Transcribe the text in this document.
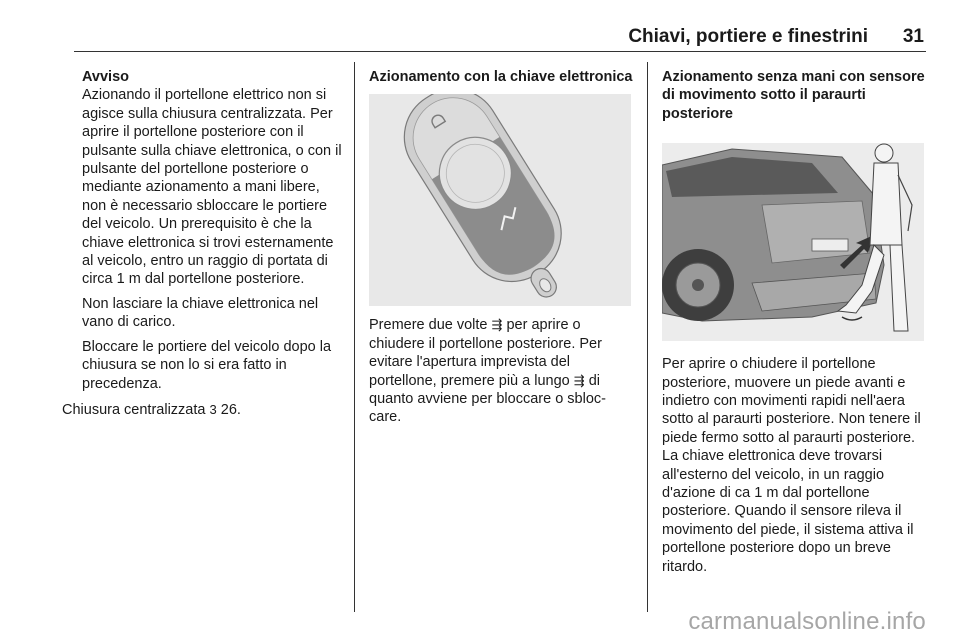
Chiavi, portiere e finestrini 31

Avviso

Azionando il portellone elettrico non si agisce sulla chiusura centralizzata. Per aprire il portellone posteriore con il pulsante sulla chiave elettronica, o con il pulsante del portellone posteriore o mediante azionamento a mani libere, non è necessario sbloccare le portiere del veicolo. Un prerequisito è che la chiave elettronica si trovi esternamente al veicolo, entro un raggio di portata di circa 1 m dal portellone posteriore.

Non lasciare la chiave elettronica nel vano di carico.

Bloccare le portiere del veicolo dopo la chiusura se non lo si era fatto in precedenza.

Chiusura centralizzata 3 26.

Azionamento con la chiave elettronica

Premere due volte ⇶ per aprire o chiudere il portellone posteriore. Per evitare l'apertura imprevista del portellone, premere più a lungo ⇶ di quanto avviene per bloccare o sbloccare.

Azionamento senza mani con sensore di movimento sotto il paraurti posteriore

Per aprire o chiudere il portellone posteriore, muovere un piede avanti e indietro con movimenti rapidi nell'aera sotto al paraurti posteriore. Non tenere il piede fermo sotto al paraurti posteriore. La chiave elettronica deve trovarsi all'esterno del veicolo, in un raggio d'azione di ca 1 m dal portellone posteriore. Quando il sensore rileva il movimento del piede, il sistema attiva il portellone posteriore dopo un breve ritardo.

carmanualsonline.info
